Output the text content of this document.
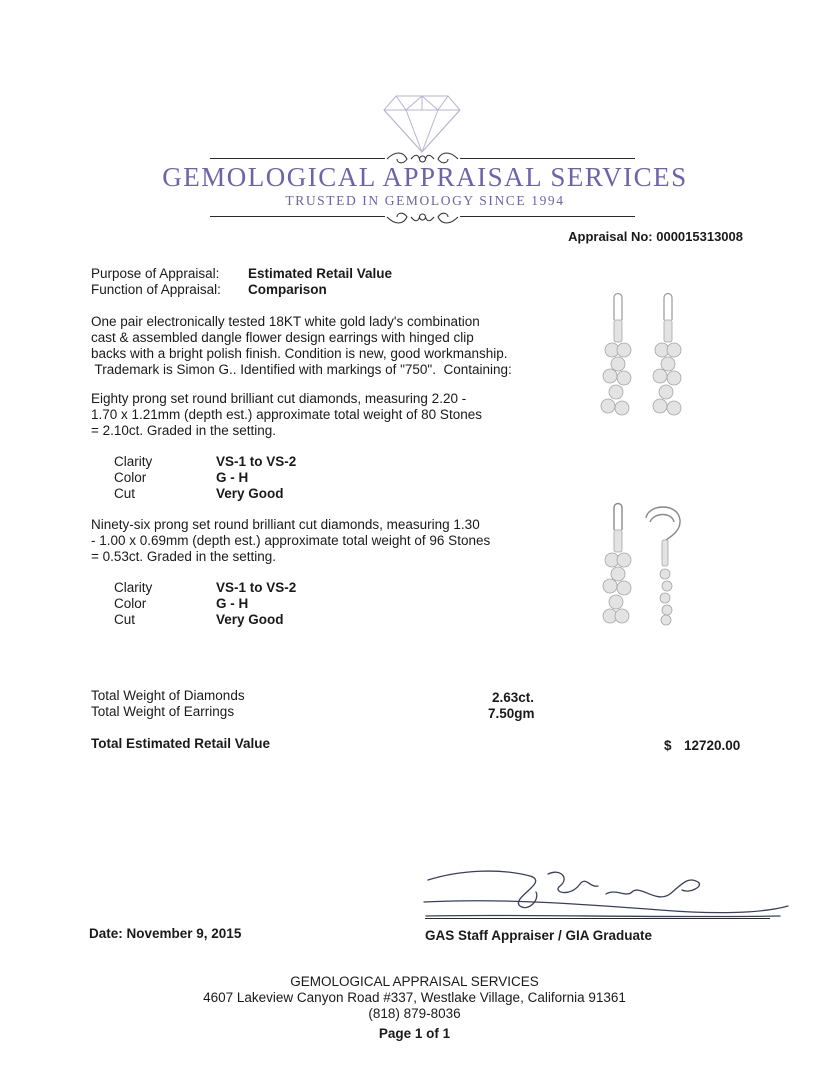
GEMOLOGICAL APPRAISAL SERVICES
TRUSTED IN GEMOLOGY SINCE 1994
Appraisal No: 000015313008
Purpose of Appraisal: Estimated Retail Value
Function of Appraisal: Comparison
One pair electronically tested 18KT white gold lady's combination
cast & assembled dangle flower design earrings with hinged clip
backs with a bright polish finish. Condition is new, good workmanship.
Trademark is Simon G.. Identified with markings of "750".  Containing:
Eighty prong set round brilliant cut diamonds, measuring 2.20 -
1.70 x 1.21mm (depth est.) approximate total weight of 80 Stones
= 2.10ct. Graded in the setting.
Clarity	VS-1 to VS-2
Color	G - H
Cut	Very Good
Ninety-six prong set round brilliant cut diamonds, measuring 1.30
- 1.00 x 0.69mm (depth est.) approximate total weight of 96 Stones
= 0.53ct. Graded in the setting.
Clarity	VS-1 to VS-2
Color	G - H
Cut	Very Good
Total Weight of Diamonds	2.63ct.
Total Weight of Earrings	7.50gm
Total Estimated Retail Value	$ 12720.00
Date: November 9, 2015	GAS Staff Appraiser / GIA Graduate
GEMOLOGICAL APPRAISAL SERVICES
4607 Lakeview Canyon Road #337, Westlake Village, California 91361
(818) 879-8036
Page 1 of 1
